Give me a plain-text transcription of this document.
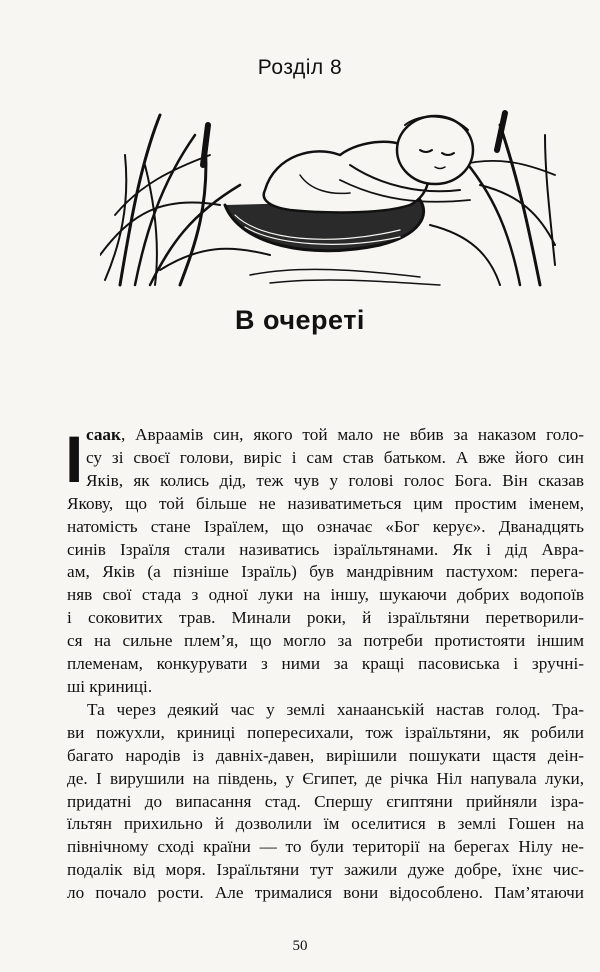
Розділ 8
В очереті
І саак, Авраамів син, якого той мало не вбив за наказом голо-
су зі своєї голови, виріс і сам став батьком. А вже його син
Яків, як колись дід, теж чув у голові голос Бога. Він сказав
Якову, що той більше не називатиметься цим простим іменем,
натомість стане Ізраїлем, що означає «Бог керує». Дванадцять
синів Ізраїля стали називатись ізраїльтянами. Як і дід Авра-
ам, Яків (а пізніше Ізраїль) був мандрівним пастухом: перега-
няв свої стада з одної луки на іншу, шукаючи добрих водопоїв
і соковитих трав. Минали роки, й ізраїльтяни перетворили-
ся на сильне плем’я, що могло за потреби протистояти іншим
племенам, конкурувати з ними за кращі пасовиська і зручні-
ші криниці.
Та через деякий час у землі ханаанській настав голод. Тра-
ви пожухли, криниці попересихали, тож ізраїльтяни, як робили
багато народів із давніх-давен, вирішили пошукати щастя деін-
де. І вирушили на південь, у Єгипет, де річка Ніл напувала луки,
придатні до випасання стад. Спершу єгиптяни прийняли ізра-
їльтян прихильно й дозволили їм оселитися в землі Гошен на
північному сході країни — то були території на берегах Нілу не-
подалік від моря. Ізраїльтяни тут зажили дуже добре, їхнє чис-
ло почало рости. Але трималися вони відособлено. Пам’ятаючи
50
